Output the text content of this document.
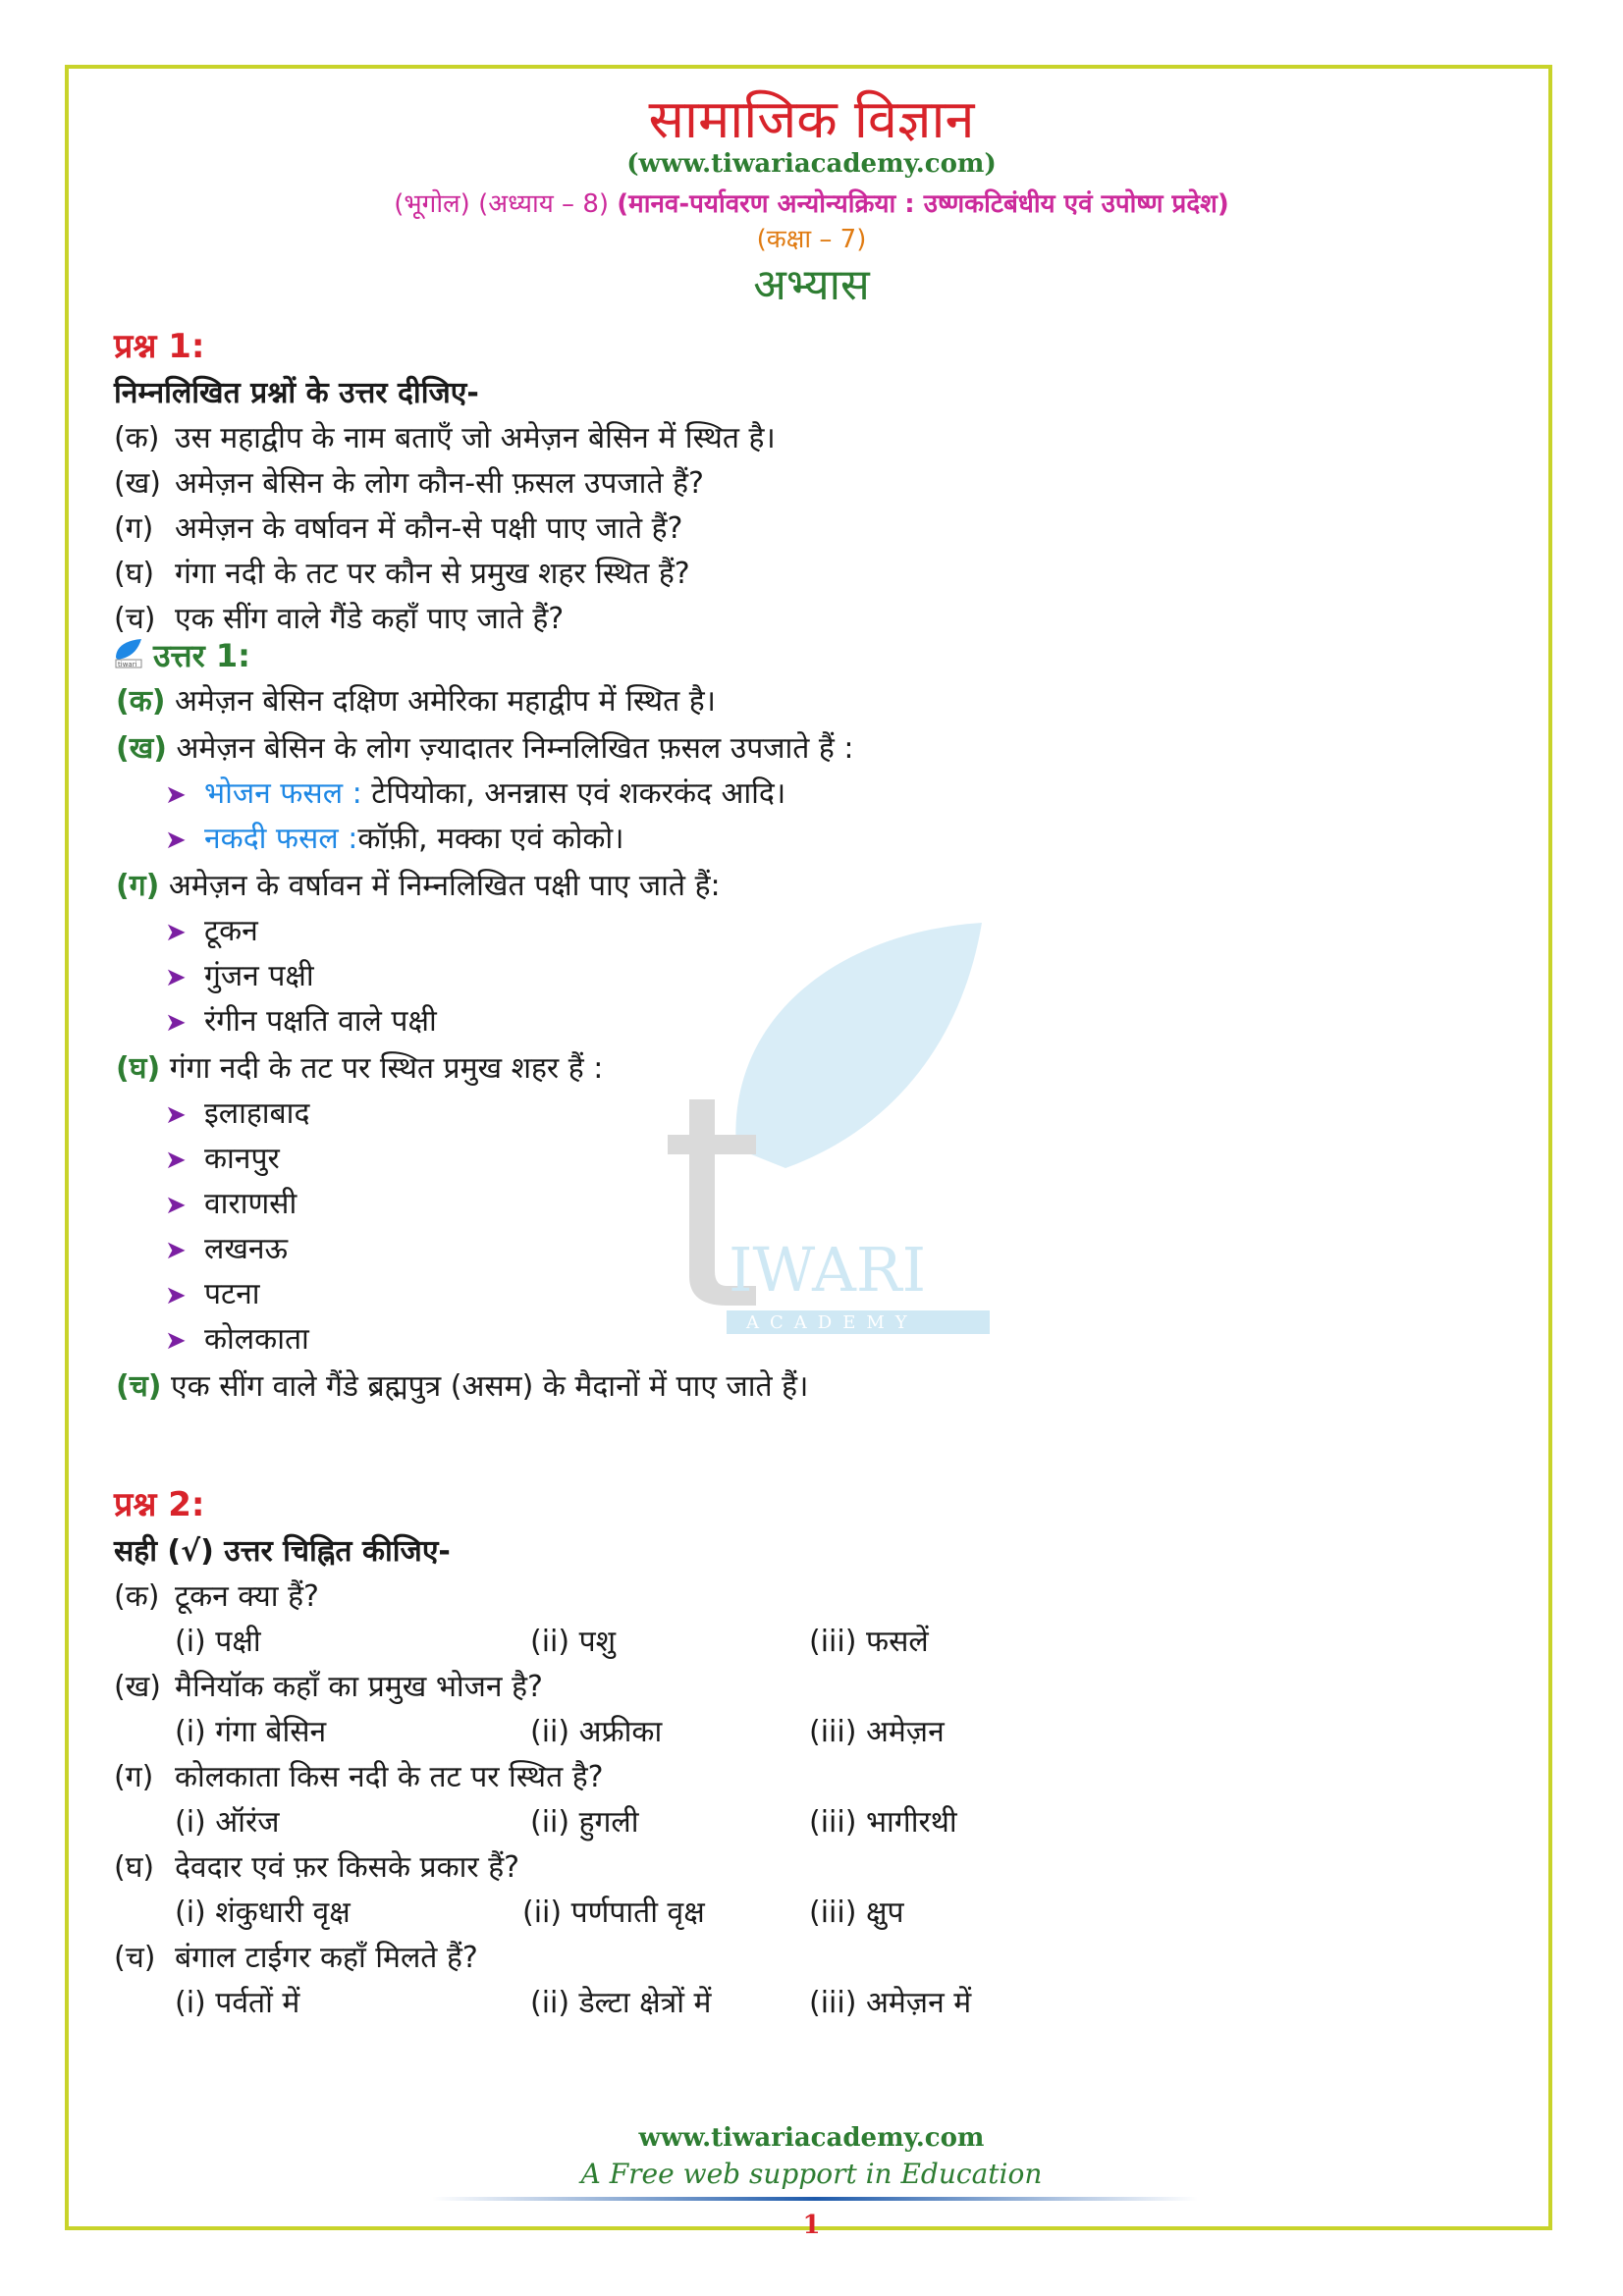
IWARI
ACADEMY
सामाजिक विज्ञान
(www.tiwariacademy.com)
(भूगोल) (अध्याय – 8) (मानव-पर्यावरण अन्योन्यक्रिया : उष्णकटिबंधीय एवं उपोष्ण प्रदेश)
(कक्षा – 7)
अभ्यास
प्रश्न 1:
निम्नलिखित प्रश्नों के उत्तर दीजिए-
(क) उस महाद्वीप के नाम बताएँ जो अमेज़न बेसिन में स्थित है।
(ख) अमेज़न बेसिन के लोग कौन-सी फ़सल उपजाते हैं?
(ग) अमेज़न के वर्षावन में कौन-से पक्षी पाए जाते हैं?
(घ) गंगा नदी के तट पर कौन से प्रमुख शहर स्थित हैं?
(च) एक सींग वाले गैंडे कहाँ पाए जाते हैं?
tiwari उत्तर 1:
(क) अमेज़न बेसिन दक्षिण अमेरिका महाद्वीप में स्थित है।
(ख) अमेज़न बेसिन के लोग ज़्यादातर निम्नलिखित फ़सल उपजाते हैं :
➤ भोजन फसल : टेपियोका, अनन्नास एवं शकरकंद आदि।
➤ नकदी फसल :कॉफ़ी, मक्का एवं कोको।
(ग) अमेज़न के वर्षावन में निम्नलिखित पक्षी पाए जाते हैं:
➤ टूकन
➤ गुंजन पक्षी
➤ रंगीन पक्षति वाले पक्षी
(घ) गंगा नदी के तट पर स्थित प्रमुख शहर हैं :
➤ इलाहाबाद
➤ कानपुर
➤ वाराणसी
➤ लखनऊ
➤ पटना
➤ कोलकाता
(च) एक सींग वाले गैंडे ब्रह्मपुत्र (असम) के मैदानों में पाए जाते हैं।
प्रश्न 2:
सही (√) उत्तर चिह्नित कीजिए-
(क) टूकन क्या हैं?
(i) पक्षी	(ii) पशु	(iii) फसलें
(ख) मैनियॉक कहाँ का प्रमुख भोजन है?
(i) गंगा बेसिन	(ii) अफ्रीका	(iii) अमेज़न
(ग) कोलकाता किस नदी के तट पर स्थित है?
(i) ऑरंज	(ii) हुगली	(iii) भागीरथी
(घ) देवदार एवं फ़र किसके प्रकार हैं?
(i) शंकुधारी वृक्ष	(ii) पर्णपाती वृक्ष	(iii) क्षुप
(च) बंगाल टाईगर कहाँ मिलते हैं?
(i) पर्वतों में	(ii) डेल्टा क्षेत्रों में	(iii) अमेज़न में
www.tiwariacademy.com
A Free web support in Education
1
